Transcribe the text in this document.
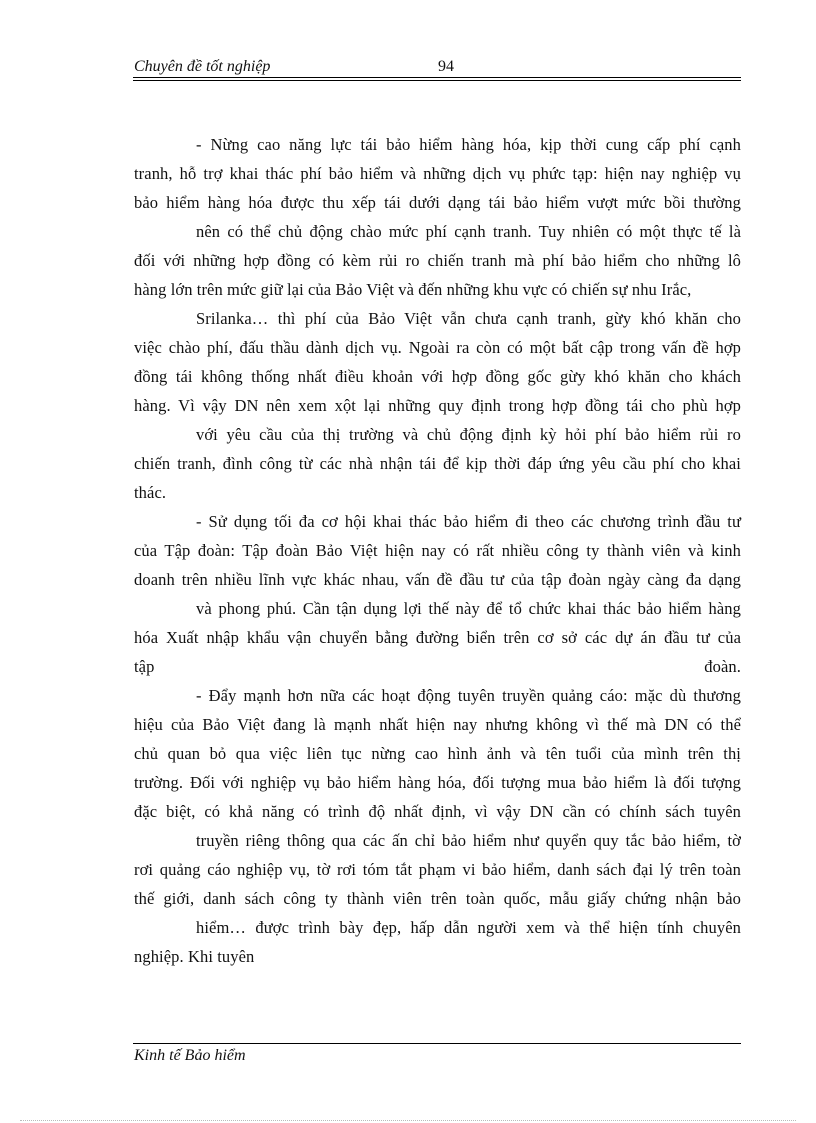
Chuyên đề tốt nghiệp	94
- Nừng cao năng lực tái bảo hiểm hàng hóa, kịp thời cung cấp phí cạnh
tranh, hỗ trợ khai thác phí bảo hiểm và những dịch vụ phức tạp: hiện nay nghiệp vụ
bảo hiểm hàng hóa được thu xếp tái dưới dạng tái bảo hiểm vượt mức bồi thường
nên có thể chủ động chào mức phí cạnh tranh. Tuy nhiên có một thực tế là
đối với những hợp đồng có kèm rủi ro chiến tranh mà phí bảo hiểm cho những lô
hàng lớn trên mức giữ lại của Bảo Việt và đến những khu vực có chiến sự nhu Irắc,
Srilanka… thì phí của Bảo Việt vẫn chưa cạnh tranh, gừy khó khăn cho
việc chào phí, đấu thầu dành dịch vụ. Ngoài ra còn có một bất cập trong vấn đề hợp
đồng tái không thống nhất điều khoản với hợp đồng gốc gừy khó khăn cho khách
hàng. Vì vậy DN nên xem xột lại những quy định trong hợp đồng tái cho phù hợp
với yêu cầu của thị trường và chủ động định kỳ hỏi phí bảo hiểm rủi ro
chiến tranh, đình công từ các nhà nhận tái để kịp thời đáp ứng yêu cầu phí cho khai
thác.
- Sử dụng tối đa cơ hội khai thác bảo hiểm đi theo các chương trình đầu tư
của Tập đoàn: Tập đoàn Bảo Việt hiện nay có rất nhiều công ty thành viên và kinh
doanh trên nhiều lĩnh vực khác nhau, vấn đề đầu tư của tập đoàn ngày càng đa dạng
và phong phú. Cần tận dụng lợi thế này để tổ chức khai thác bảo hiểm hàng
hóa Xuất nhập khẩu vận chuyển bằng đường biển trên cơ sở các dự án đầu tư của
tập	đoàn.
- Đẩy mạnh hơn nữa các hoạt động tuyên truyền quảng cáo: mặc dù thương
hiệu của Bảo Việt đang là mạnh nhất hiện nay nhưng không vì thế mà DN có thể
chủ quan bỏ qua việc liên tục nừng cao hình ảnh và tên tuổi của mình trên thị
trường. Đối với nghiệp vụ bảo hiểm hàng hóa, đối tượng mua bảo hiểm là đối tượng
đặc biệt, có khả năng có trình độ nhất định, vì vậy DN cần có chính sách tuyên
truyền riêng thông qua các ấn chỉ bảo hiểm như quyển quy tắc bảo hiểm, tờ
rơi quảng cáo nghiệp vụ, tờ rơi tóm tắt phạm vi bảo hiểm, danh sách đại lý trên toàn
thế giới, danh sách công ty thành viên trên toàn quốc, mẫu giấy chứng nhận bảo
hiểm… được trình bày đẹp, hấp dẫn người xem và thể hiện tính chuyên
nghiệp. Khi tuyên
Kinh tế Bảo hiểm
